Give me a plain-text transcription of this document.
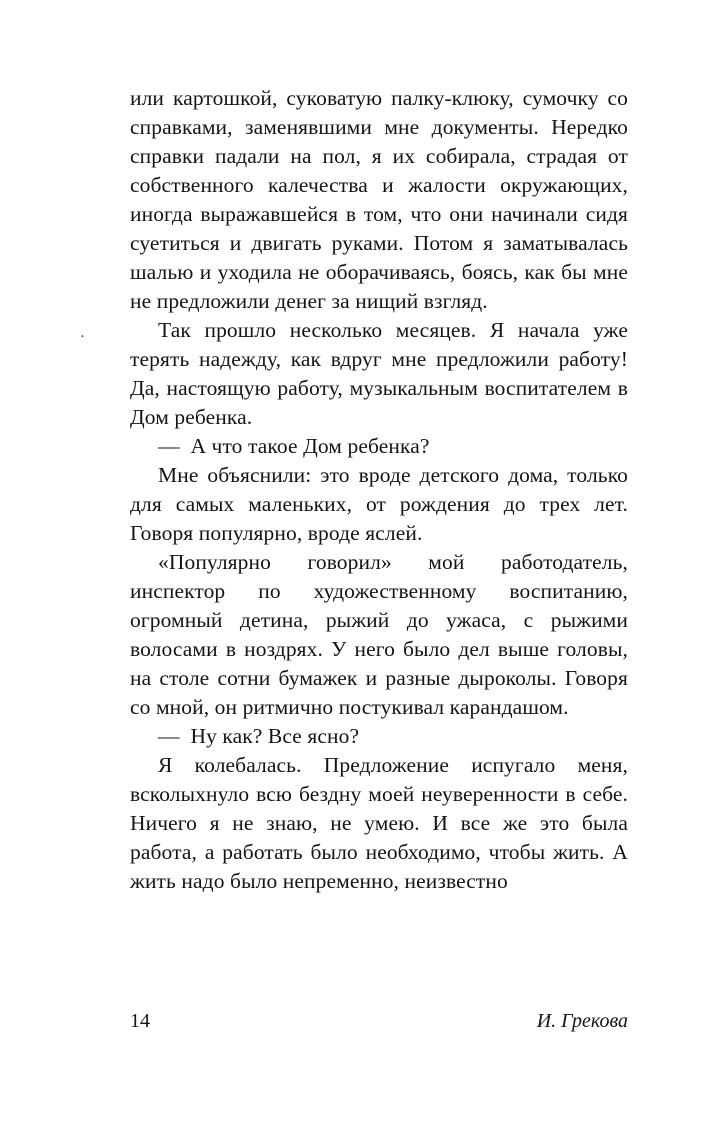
·

или картошкой, суковатую палку-клюку, сумочку со справками, заменявшими мне документы. Нередко справки падали на пол, я их собирала, страдая от собственного калечества и жалости окружающих, иногда выражавшейся в том, что они начинали сидя суетиться и двигать руками. Потом я заматывалась шалью и уходила не оборачиваясь, боясь, как бы мне не предложили денег за нищий взгляд.

Так прошло несколько месяцев. Я начала уже терять надежду, как вдруг мне предложили работу! Да, настоящую работу, музыкальным воспитателем в Дом ребенка.

— А что такое Дом ребенка?

Мне объяснили: это вроде детского дома, только для самых маленьких, от рождения до трех лет. Говоря популярно, вроде яслей.

«Популярно говорил» мой работодатель, инспектор по художественному воспитанию, огромный детина, рыжий до ужаса, с рыжими волосами в ноздрях. У него было дел выше головы, на столе сотни бумажек и разные дыроколы. Говоря со мной, он ритмично постукивал карандашом.

— Ну как? Все ясно?

Я колебалась. Предложение испугало меня, всколыхнуло всю бездну моей неуверенности в себе. Ничего я не знаю, не умею. И все же это была работа, а работать было необходимо, чтобы жить. А жить надо было непременно, неизвестно

14	И. Грекова
